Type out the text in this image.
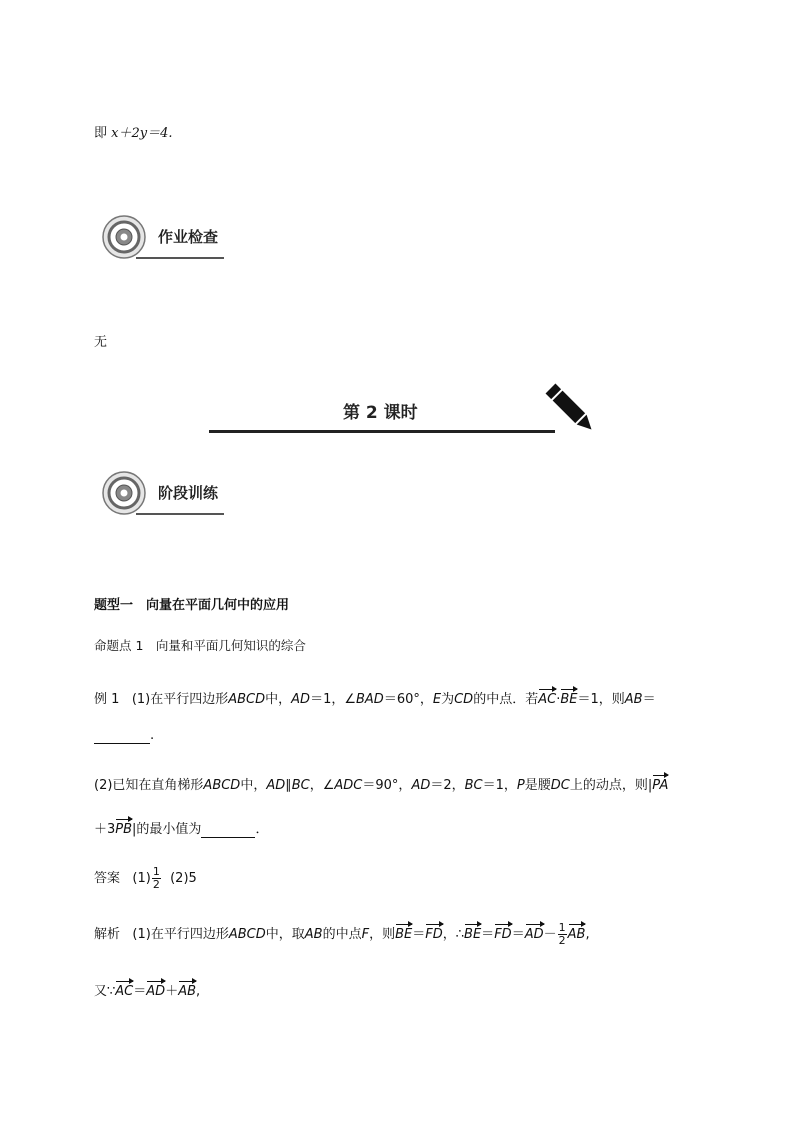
即 x＋2y＝4.
作业检查
无
第 2 课时
阶段训练
题型一　向量在平面几何中的应用
命题点 1　向量和平面几何知识的综合
例 1 (1)在平行四边形ABCD中，AD＝1，∠BAD＝60°，E为CD的中点．若AC·BE＝1，则AB＝
.
(2)已知在直角梯形ABCD中，AD∥BC，∠ADC＝90°，AD＝2，BC＝1，P是腰DC上的动点，则|PA
＋3PB|的最小值为	．
答案 $(1) \frac{1}{2} (2)5$
解析 (1)在平行四边形ABCD中，取AB的中点F，则BE＝FD，∴BE＝FD＝AD－ $\frac{1}{2}$ AB,
又∵AC＝AD＋AB,
